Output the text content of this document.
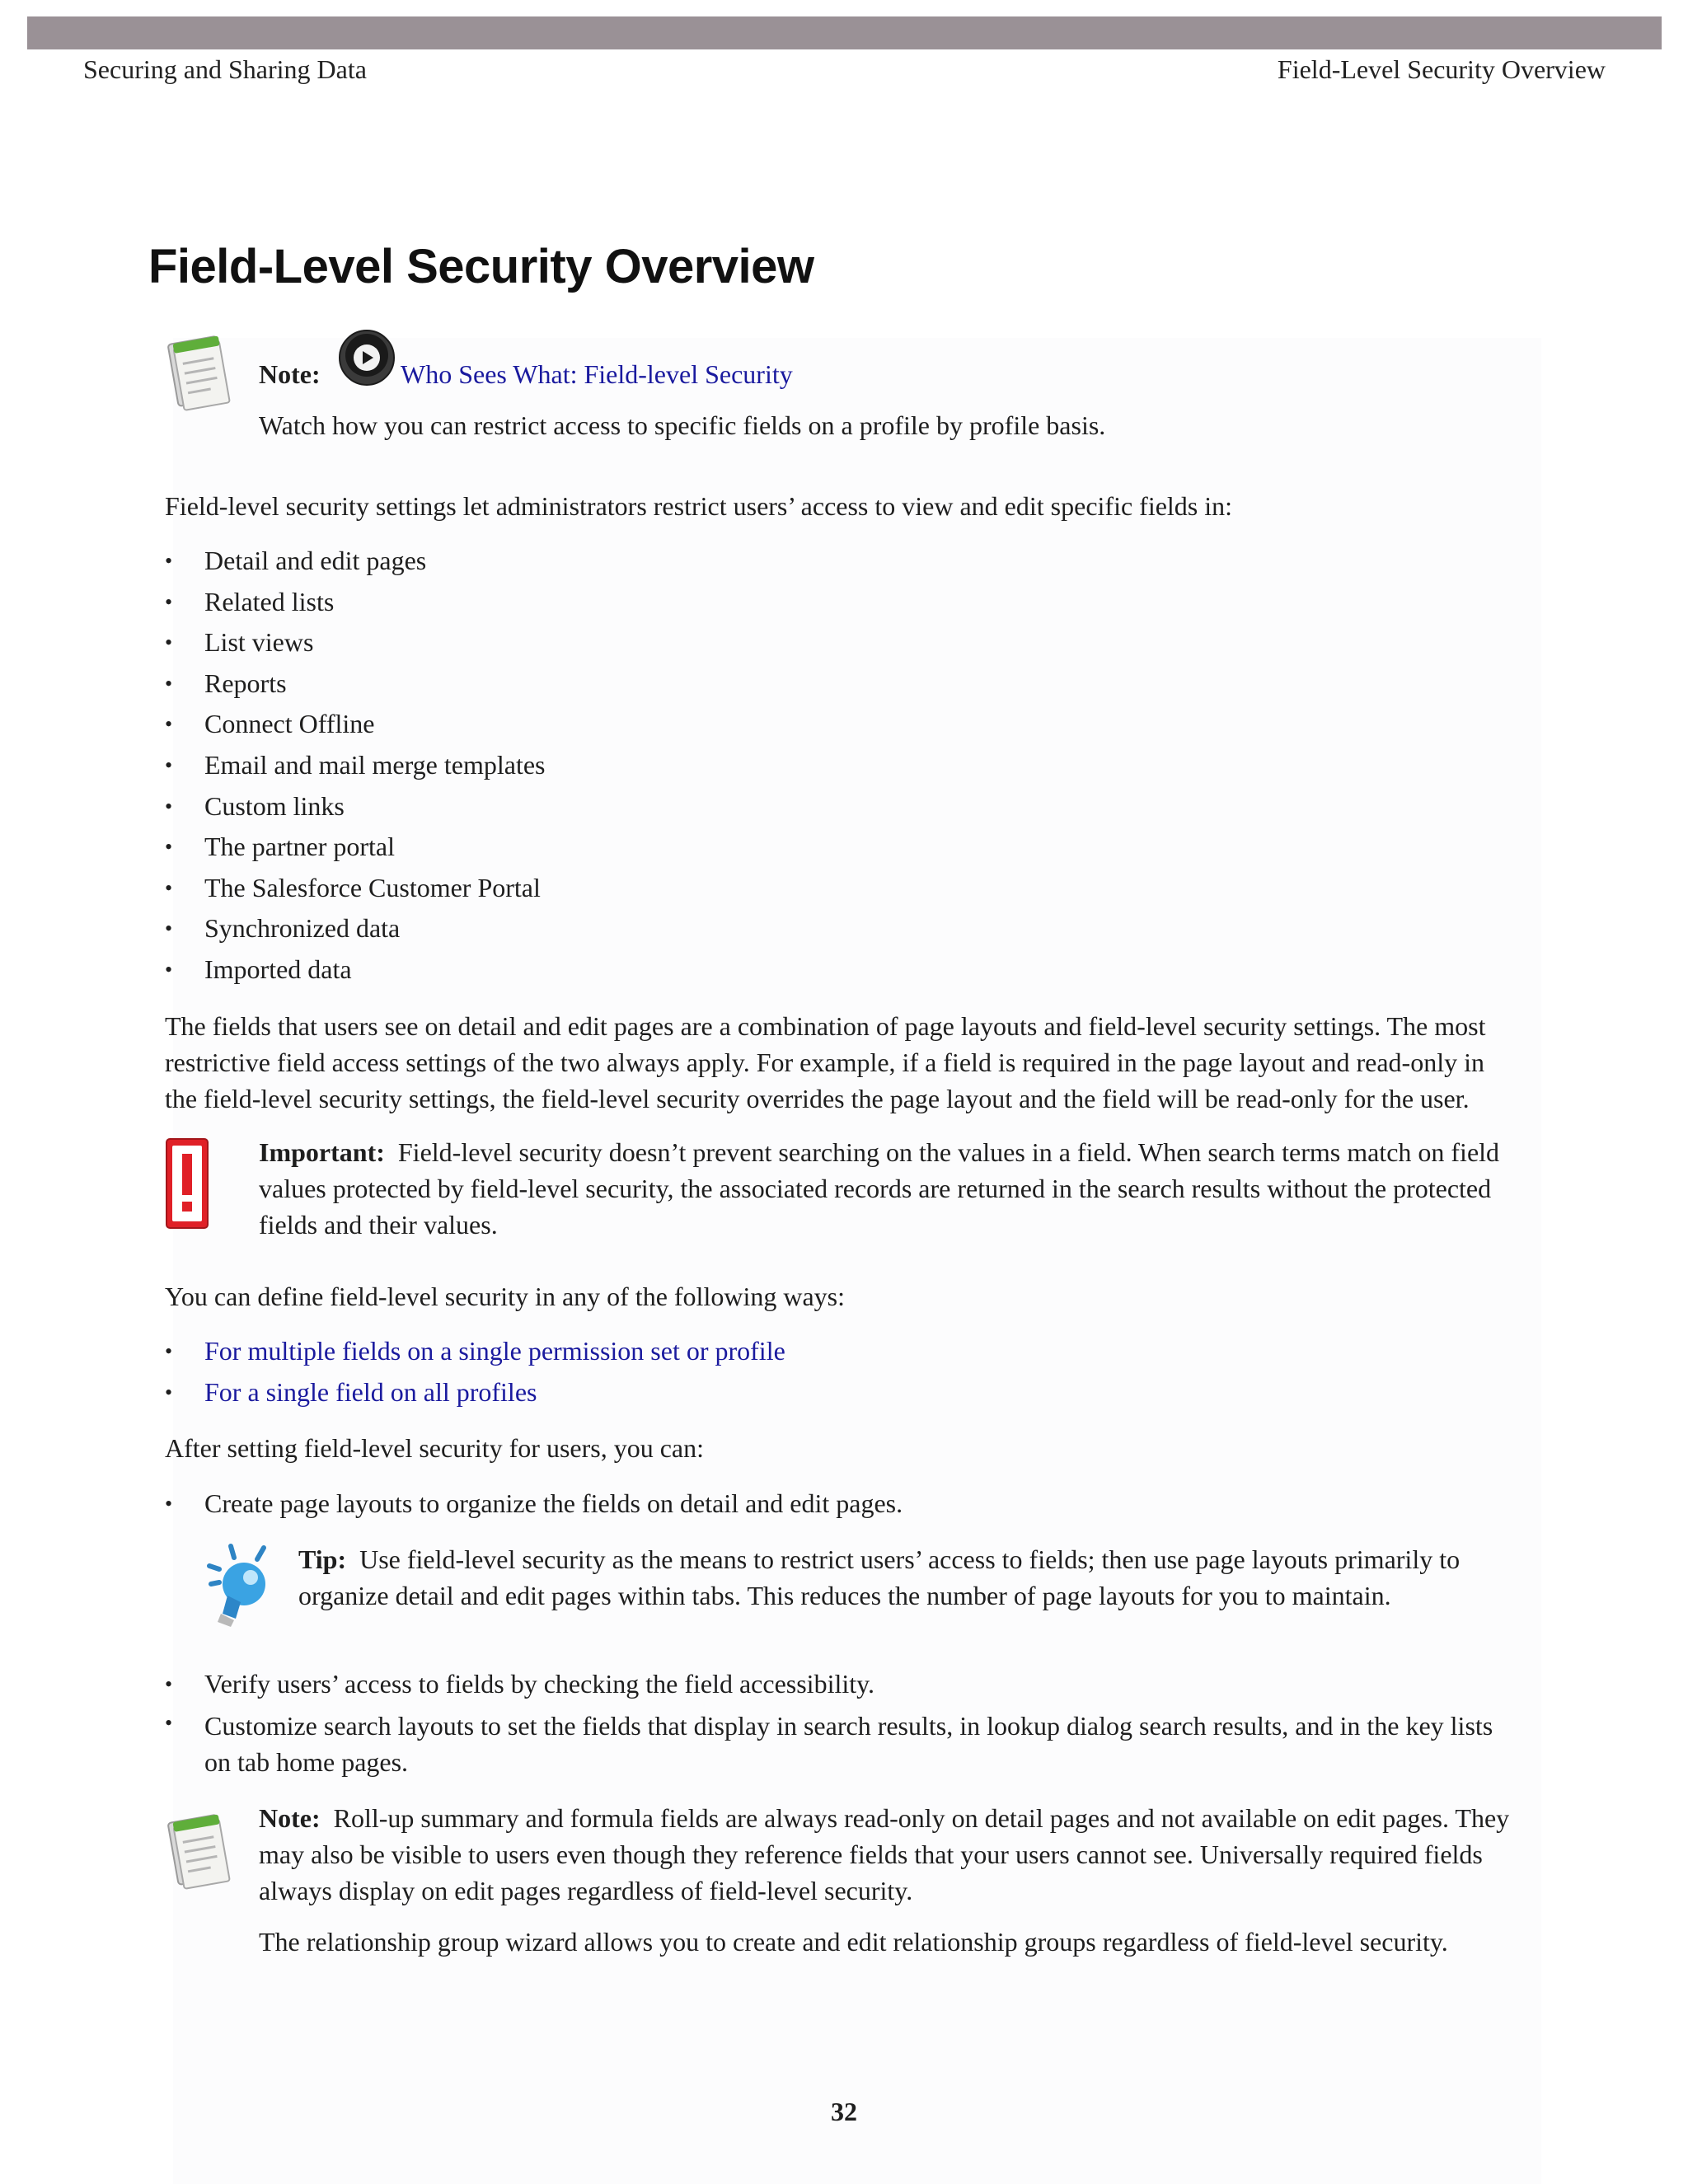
Securing and Sharing Data	Field-Level Security Overview
Field-Level Security Overview
Note:	Who Sees What: Field-level Security
Watch how you can restrict access to specific fields on a profile by profile basis.
Field-level security settings let administrators restrict users’ access to view and edit specific fields in:
• Detail and edit pages
• Related lists
• List views
• Reports
• Connect Offline
• Email and mail merge templates
• Custom links
• The partner portal
• The Salesforce Customer Portal
• Synchronized data
• Imported data
The fields that users see on detail and edit pages are a combination of page layouts and field-level security settings. The most
restrictive field access settings of the two always apply. For example, if a field is required in the page layout and read-only in
the field-level security settings, the field-level security overrides the page layout and the field will be read-only for the user.
Important: Field-level security doesn’t prevent searching on the values in a field. When search terms match on field
values protected by field-level security, the associated records are returned in the search results without the protected
fields and their values.
You can define field-level security in any of the following ways:
• For multiple fields on a single permission set or profile
• For a single field on all profiles
After setting field-level security for users, you can:
• Create page layouts to organize the fields on detail and edit pages.
Tip: Use field-level security as the means to restrict users’ access to fields; then use page layouts primarily to
organize detail and edit pages within tabs. This reduces the number of page layouts for you to maintain.
• Verify users’ access to fields by checking the field accessibility.
• Customize search layouts to set the fields that display in search results, in lookup dialog search results, and in the key lists
on tab home pages.
Note: Roll-up summary and formula fields are always read-only on detail pages and not available on edit pages. They
may also be visible to users even though they reference fields that your users cannot see. Universally required fields
always display on edit pages regardless of field-level security.
The relationship group wizard allows you to create and edit relationship groups regardless of field-level security.
32
